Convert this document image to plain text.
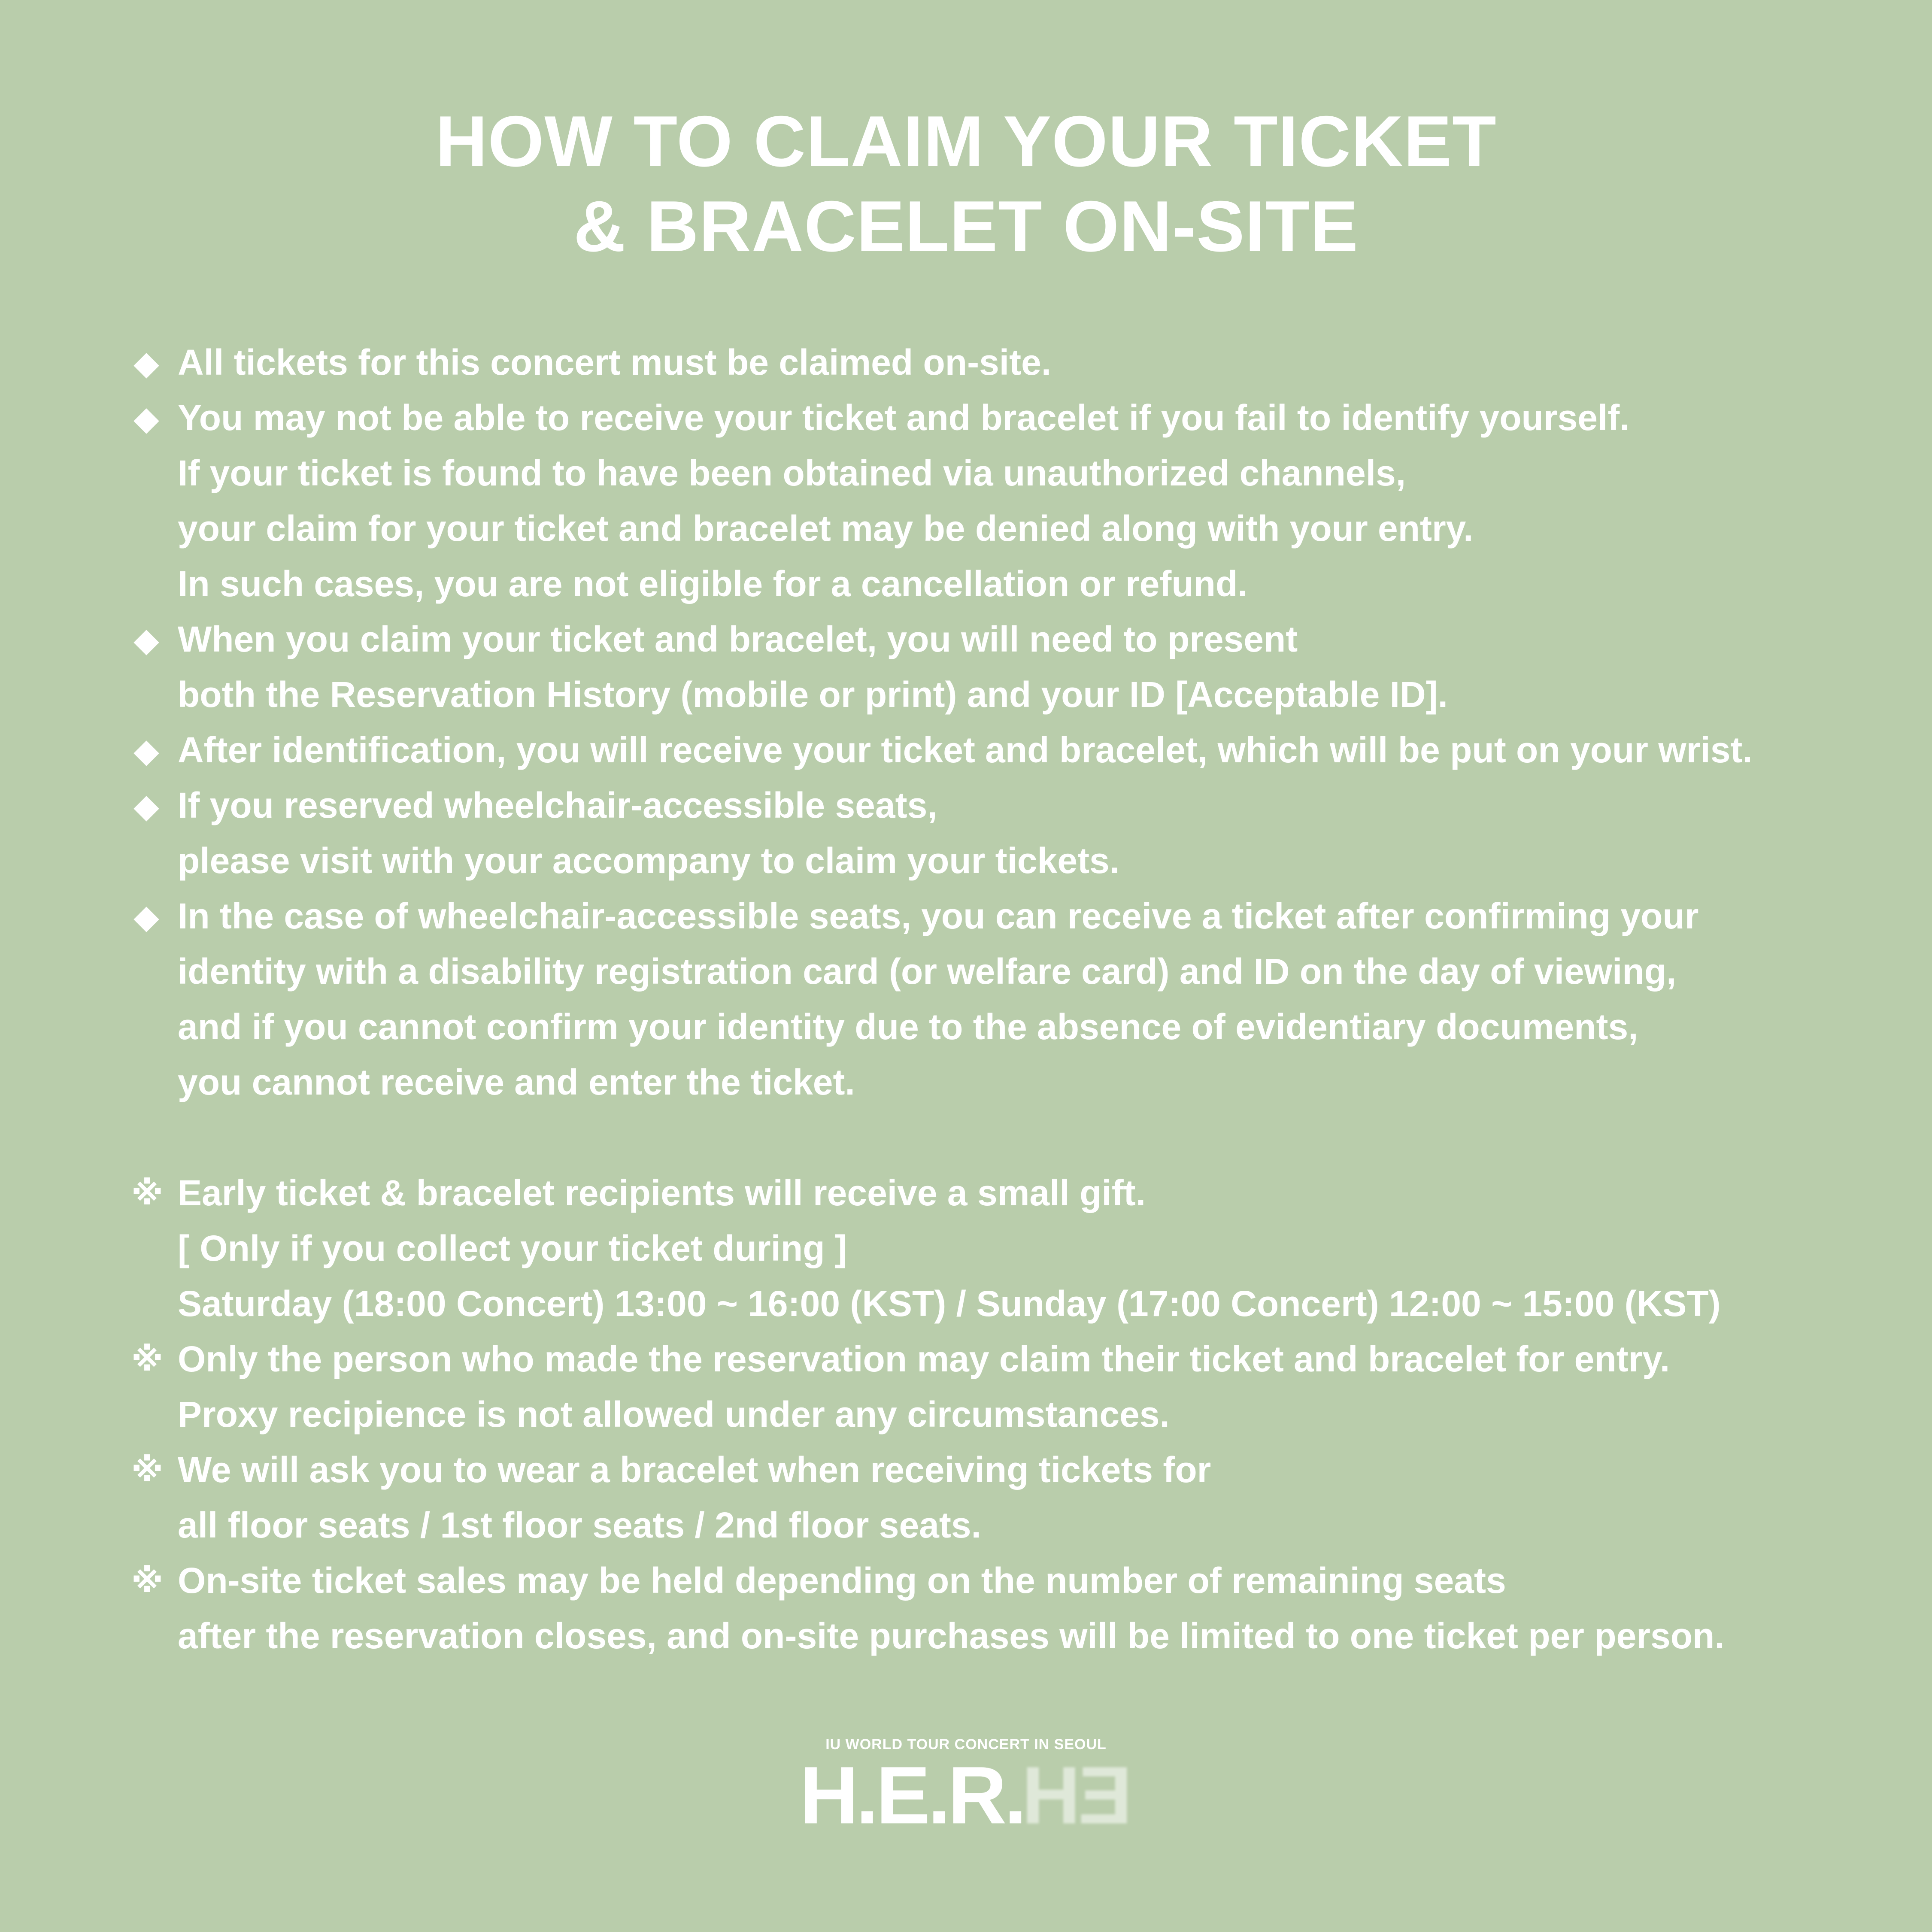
HOW TO CLAIM YOUR TICKET
& BRACELET ON-SITE
All tickets for this concert must be claimed on-site.
You may not be able to receive your ticket and bracelet if you fail to identify yourself.
If your ticket is found to have been obtained via unauthorized channels,
your claim for your ticket and bracelet may be denied along with your entry.
In such cases, you are not eligible for a cancellation or refund.
When you claim your ticket and bracelet, you will need to present
both the Reservation History (mobile or print) and your ID [Acceptable ID].
After identification, you will receive your ticket and bracelet, which will be put on your wrist.
If you reserved wheelchair-accessible seats,
please visit with your accompany to claim your tickets.
In the case of wheelchair-accessible seats, you can receive a ticket after confirming your
identity with a disability registration card (or welfare card) and ID on the day of viewing,
and if you cannot confirm your identity due to the absence of evidentiary documents,
you cannot receive and enter the ticket.
※ Early ticket & bracelet recipients will receive a small gift.
[ Only if you collect your ticket during ]
Saturday (18:00 Concert) 13:00 ~ 16:00 (KST) / Sunday (17:00 Concert) 12:00 ~ 15:00 (KST)
※ Only the person who made the reservation may claim their ticket and bracelet for entry.
Proxy recipience is not allowed under any circumstances.
※ We will ask you to wear a bracelet when receiving tickets for
all floor seats / 1st floor seats / 2nd floor seats.
※ On-site ticket sales may be held depending on the number of remaining seats
after the reservation closes, and on-site purchases will be limited to one ticket per person.
IU WORLD TOUR CONCERT IN SEOUL
H.E.R.EH
